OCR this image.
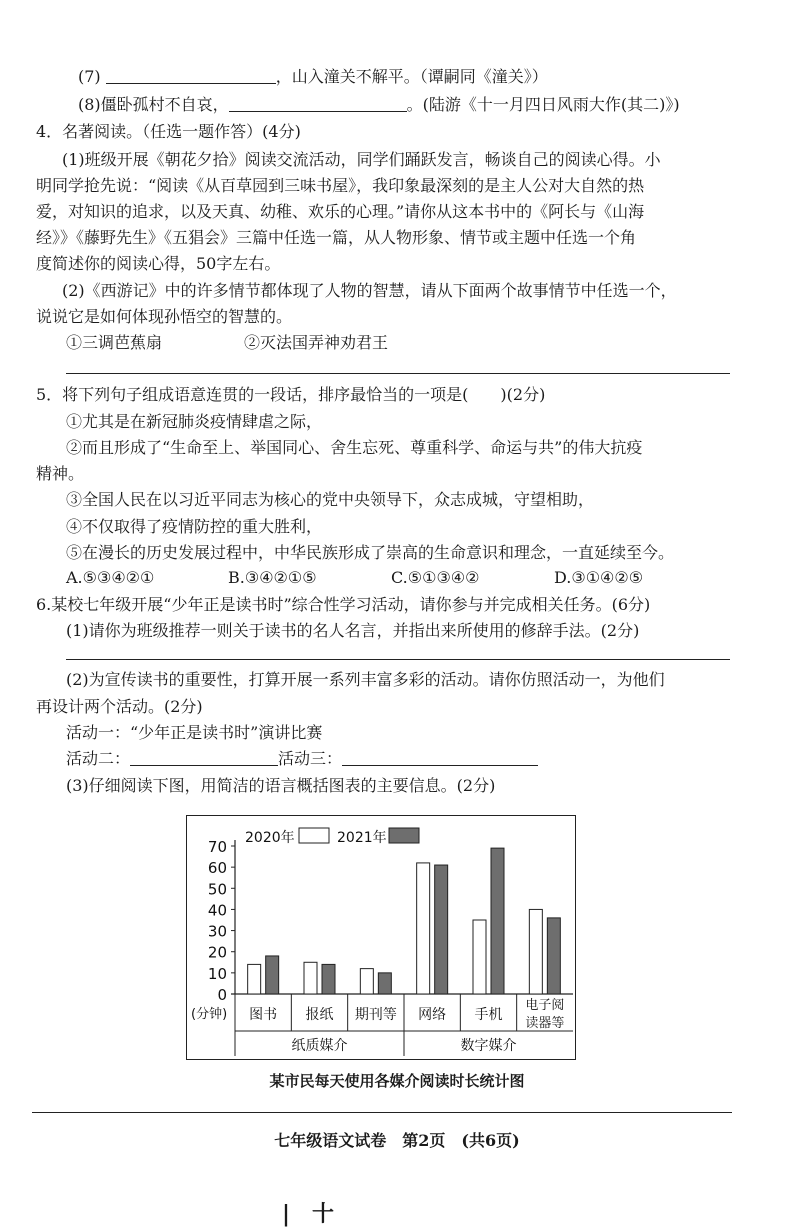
(7)	，山入潼关不解平。（谭嗣同《潼关》）
(8)僵卧孤村不自哀，	。(陆游《十一月四日风雨大作(其二)》)
4．名著阅读。（任选一题作答）(4分)
(1)班级开展《朝花夕拾》阅读交流活动，同学们踊跃发言，畅谈自己的阅读心得。小
明同学抢先说：“阅读《从百草园到三味书屋》，我印象最深刻的是主人公对大自然的热
爱，对知识的追求，以及天真、幼稚、欢乐的心理。”请你从这本书中的《阿长与《山海
经》》《藤野先生》《五猖会》三篇中任选一篇，从人物形象、情节或主题中任选一个角
度简述你的阅读心得，50字左右。
(2)《西游记》中的许多情节都体现了人物的智慧，请从下面两个故事情节中任选一个，
说说它是如何体现孙悟空的智慧的。
①三调芭蕉扇	②灭法国弄神劝君王
5．将下列句子组成语意连贯的一段话，排序最恰当的一项是(　　)(2分)
①尤其是在新冠肺炎疫情肆虐之际，
②而且形成了“生命至上、举国同心、舍生忘死、尊重科学、命运与共”的伟大抗疫
精神。
③全国人民在以习近平同志为核心的党中央领导下，众志成城，守望相助，
④不仅取得了疫情防控的重大胜利，
⑤在漫长的历史发展过程中，中华民族形成了崇高的生命意识和理念，一直延续至今。
A.⑤③④②①	B.③④②①⑤	C.⑤①③④②	D.③①④②⑤
6.某校七年级开展“少年正是读书时”综合性学习活动，请你参与并完成相关任务。(6分)
(1)请你为班级推荐一则关于读书的名人名言，并指出来所使用的修辞手法。(2分)
(2)为宣传读书的重要性，打算开展一系列丰富多彩的活动。请你仿照活动一，为他们
再设计两个活动。(2分)
活动一：“少年正是读书时”演讲比赛
活动二：	活动三：
(3)仔细阅读下图，用简洁的语言概括图表的主要信息。(2分)
0
10
20
30
40
50
60
70
纸质媒介	数字媒介
(分钟) 图书 报纸 期刊等 网络 手机
电子阅
读器等
2020年	2021年
某市民每天使用各媒介阅读时长统计图
七年级语文试卷　第2页　(共6页)
|　十
